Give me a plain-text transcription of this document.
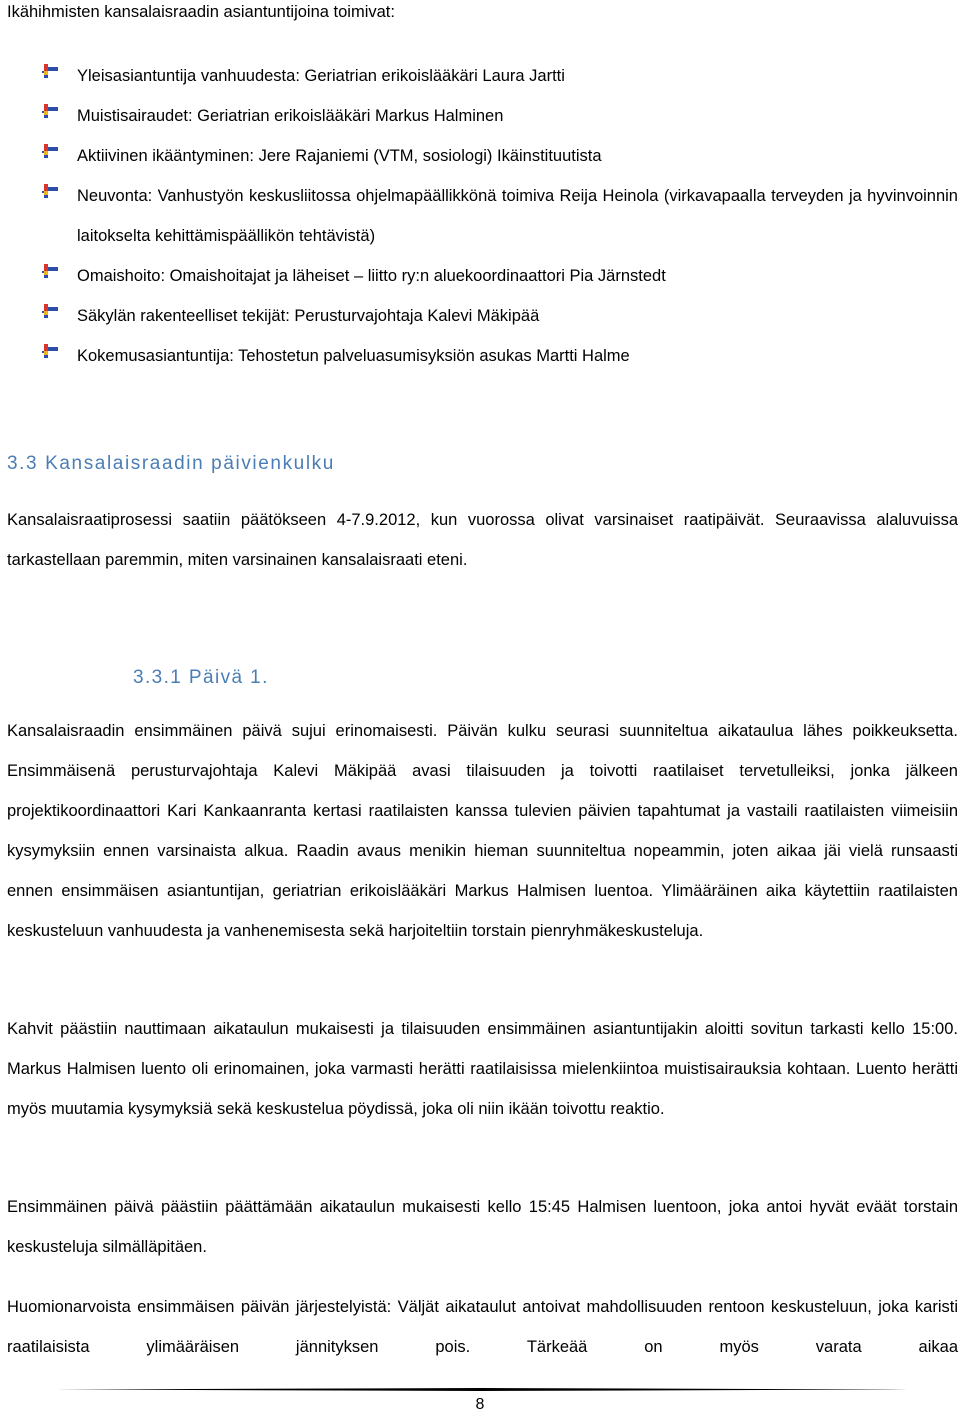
Ikähihmisten kansalaisraadin asiantuntijoina toimivat:
Yleisasiantuntija vanhuudesta: Geriatrian erikoislääkäri Laura Jartti
Muistisairaudet: Geriatrian erikoislääkäri Markus Halminen
Aktiivinen ikääntyminen: Jere Rajaniemi (VTM, sosiologi) Ikäinstituutista
Neuvonta: Vanhustyön keskusliitossa ohjelmapäällikkönä toimiva Reija Heinola (virkavapaalla terveyden ja hyvinvoinnin laitokselta kehittämispäällikön tehtävistä)
Omaishoito: Omaishoitajat ja läheiset – liitto ry:n aluekoordinaattori Pia Järnstedt
Säkylän rakenteelliset tekijät: Perusturvajohtaja Kalevi Mäkipää
Kokemusasiantuntija: Tehostetun palveluasumisyksiön asukas Martti Halme
3.3 Kansalaisraadin päivienkulku

Kansalaisraatiprosessi saatiin päätökseen 4-7.9.2012, kun vuorossa olivat varsinaiset raatipäivät. Seuraavissa alaluvuissa tarkastellaan paremmin, miten varsinainen kansalaisraati eteni.

3.3.1 Päivä 1.

Kansalaisraadin ensimmäinen päivä sujui erinomaisesti. Päivän kulku seurasi suunniteltua aikataulua lähes poikkeuksetta. Ensimmäisenä perusturvajohtaja Kalevi Mäkipää avasi tilaisuuden ja toivotti raatilaiset tervetulleiksi, jonka jälkeen projektikoordinaattori Kari Kankaanranta kertasi raatilaisten kanssa tulevien päivien tapahtumat ja vastaili raatilaisten viimeisiin kysymyksiin ennen varsinaista alkua. Raadin avaus menikin hieman suunniteltua nopeammin, joten aikaa jäi vielä runsaasti ennen ensimmäisen asiantuntijan, geriatrian erikoislääkäri Markus Halmisen luentoa. Ylimääräinen aika käytettiin raatilaisten keskusteluun vanhuudesta ja vanhenemisesta sekä harjoiteltiin torstain pienryhmäkeskusteluja.

Kahvit päästiin nauttimaan aikataulun mukaisesti ja tilaisuuden ensimmäinen asiantuntijakin aloitti sovitun tarkasti kello 15:00. Markus Halmisen luento oli erinomainen, joka varmasti herätti raatilaisissa mielenkiintoa muistisairauksia kohtaan. Luento herätti myös muutamia kysymyksiä sekä keskustelua pöydissä, joka oli niin ikään toivottu reaktio.

Ensimmäinen päivä päästiin päättämään aikataulun mukaisesti kello 15:45 Halmisen luentoon, joka antoi hyvät eväät torstain keskusteluja silmälläpitäen.

Huomionarvoista ensimmäisen päivän järjestelyistä: Väljät aikataulut antoivat mahdollisuuden rentoon keskusteluun, joka karisti raatilaisista ylimääräisen jännityksen pois. Tärkeää on myös varata aikaa

8
